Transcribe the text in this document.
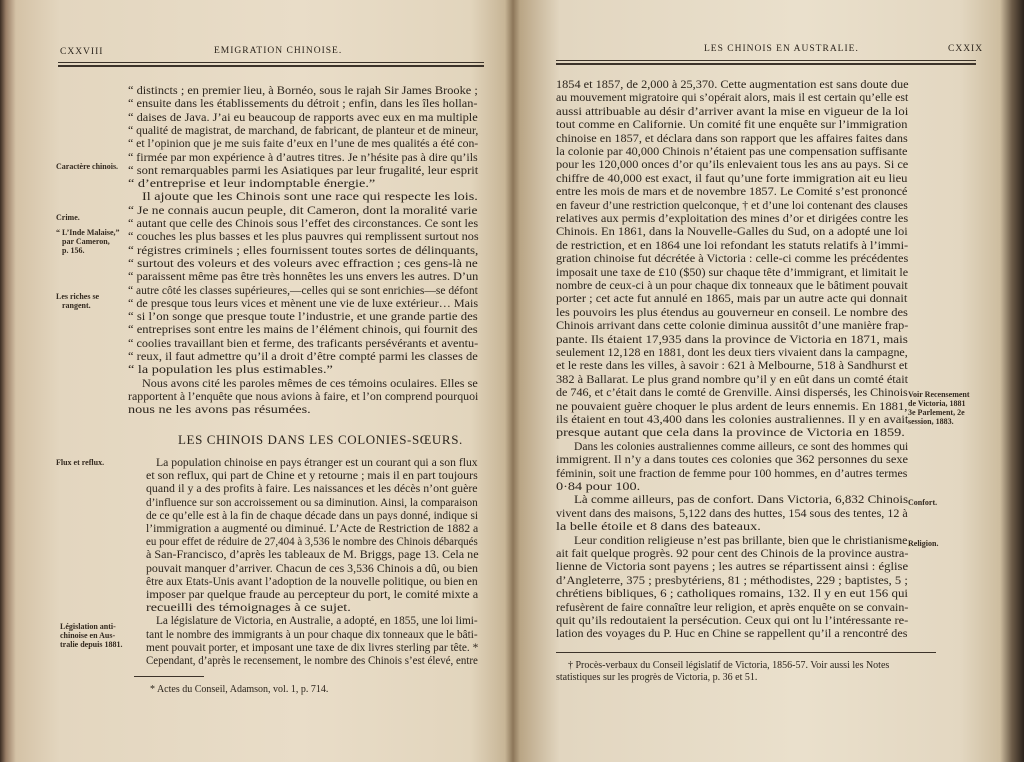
CXXVIII	EMIGRATION CHINOISE.
“ distincts ; en premier lieu, à Bornéo, sous le rajah Sir James Brooke ;
“ ensuite dans les établissements du détroit ; enfin, dans les îles hollan-
“ daises de Java. J’ai eu beaucoup de rapports avec eux en ma multiple
“ qualité de magistrat, de marchand, de fabricant, de planteur et de mineur,
“ et l’opinion que je me suis faite d’eux en l’une de mes qualités a été con-
“ firmée par mon expérience à d’autres titres. Je n’hésite pas à dire qu’ils
“ sont remarquables parmi les Asiatiques par leur frugalité, leur esprit
“ d’entreprise et leur indomptable énergie.”
Il ajoute que les Chinois sont une race qui respecte les lois.
“ Je ne connais aucun peuple, dit Cameron, dont la moralité varie
“ autant que celle des Chinois sous l’effet des circonstances. Ce sont les
“ couches les plus basses et les plus pauvres qui remplissent surtout nos
“ régistres criminels ; elles fournissent toutes sortes de délinquants,
“ surtout des voleurs et des voleurs avec effraction ; ces gens-là ne
“ paraissent même pas être très honnêtes les uns envers les autres. D’un
“ autre côté les classes supérieures,—celles qui se sont enrichies—se défont
“ de presque tous leurs vices et mènent une vie de luxe extérieur… Mais
“ si l’on songe que presque toute l’industrie, et une grande partie des
“ entreprises sont entre les mains de l’élément chinois, qui fournit des
“ coolies travaillant bien et ferme, des traficants persévérants et aventu-
“ reux, il faut admettre qu’il a droit d’être compté parmi les classes de
“ la population les plus estimables.”
Nous avons cité les paroles mêmes de ces témoins oculaires. Elles se
rapportent à l’enquête que nous avions à faire, et l’on comprend pourquoi
nous ne les avons pas résumées.
LES CHINOIS DANS LES COLONIES-SŒURS.
La population chinoise en pays étranger est un courant qui a son flux
et son reflux, qui part de Chine et y retourne ; mais il en part toujours
quand il y a des profits à faire. Les naissances et les décès n’ont guère
d’influence sur son accroissement ou sa diminution. Ainsi, la comparaison
de ce qu’elle est à la fin de chaque décade dans un pays donné, indique si
l’immigration a augmenté ou diminué. L’Acte de Restriction de 1882 a
eu pour effet de réduire de 27,404 à 3,536 le nombre des Chinois débarqués
à San-Francisco, d’après les tableaux de M. Briggs, page 13. Cela ne
pouvait manquer d’arriver. Chacun de ces 3,536 Chinois a dû, ou bien
être aux Etats-Unis avant l’adoption de la nouvelle politique, ou bien en
imposer par quelque fraude au percepteur du port, le comité mixte a
recueilli des témoignages à ce sujet.
La législature de Victoria, en Australie, a adopté, en 1855, une loi limi-
tant le nombre des immigrants à un pour chaque dix tonneaux que le bâti-
ment pouvait porter, et imposant une taxe de dix livres sterling par tête. *
Cependant, d’après le recensement, le nombre des Chinois s’est élevé, entre
* Actes du Conseil, Adamson, vol. 1, p. 714.
Caractère chinois.
Crime.
“ L’Inde Malaise,”
par Cameron,
p. 156.
Les riches se
rangent.
Flux et reflux.
Législation anti-
chinoise en Aus-
tralie depuis 1881.
LES CHINOIS EN AUSTRALIE.	CXXIX
1854 et 1857, de 2,000 à 25,370. Cette augmentation est sans doute due
au mouvement migratoire qui s’opérait alors, mais il est certain qu’elle est
aussi attribuable au désir d’arriver avant la mise en vigueur de la loi
tout comme en Californie. Un comité fit une enquête sur l’immigration
chinoise en 1857, et déclara dans son rapport que les affaires faites dans
la colonie par 40,000 Chinois n’étaient pas une compensation suffisante
pour les 120,000 onces d’or qu’ils enlevaient tous les ans au pays. Si ce
chiffre de 40,000 est exact, il faut qu’une forte immigration ait eu lieu
entre les mois de mars et de novembre 1857. Le Comité s’est prononcé
en faveur d’une restriction quelconque, † et d’une loi contenant des clauses
relatives aux permis d’exploitation des mines d’or et dirigées contre les
Chinois. En 1861, dans la Nouvelle-Galles du Sud, on a adopté une loi
de restriction, et en 1864 une loi refondant les statuts relatifs à l’immi-
gration chinoise fut décrétée à Victoria : celle-ci comme les précédentes
imposait une taxe de £10 ($50) sur chaque tête d’immigrant, et limitait le
nombre de ceux-ci à un pour chaque dix tonneaux que le bâtiment pouvait
porter ; cet acte fut annulé en 1865, mais par un autre acte qui donnait
les pouvoirs les plus étendus au gouverneur en conseil. Le nombre des
Chinois arrivant dans cette colonie diminua aussitôt d’une manière frap-
pante. Ils étaient 17,935 dans la province de Victoria en 1871, mais
seulement 12,128 en 1881, dont les deux tiers vivaient dans la campagne,
et le reste dans les villes, à savoir : 621 à Melbourne, 518 à Sandhurst et
382 à Ballarat. Le plus grand nombre qu’il y en eût dans un comté était
de 746, et c’était dans le comté de Grenville. Ainsi dispersés, les Chinois
ne pouvaient guère choquer le plus ardent de leurs ennemis. En 1881,
ils étaient en tout 43,400 dans les colonies australiennes. Il y en avait
presque autant que cela dans la province de Victoria en 1859.
Dans les colonies australiennes comme ailleurs, ce sont des hommes qui
immigrent. Il n’y a dans toutes ces colonies que 362 personnes du sexe
féminin, soit une fraction de femme pour 100 hommes, en d’autres termes
0·84 pour 100.
Là comme ailleurs, pas de confort. Dans Victoria, 6,832 Chinois
vivent dans des maisons, 5,122 dans des huttes, 154 sous des tentes, 12 à
la belle étoile et 8 dans des bateaux.
Leur condition religieuse n’est pas brillante, bien que le christianisme
ait fait quelque progrès. 92 pour cent des Chinois de la province austra-
lienne de Victoria sont payens ; les autres se répartissent ainsi : église
d’Angleterre, 375 ; presbytériens, 81 ; méthodistes, 229 ; baptistes, 5 ;
chrétiens bibliques, 6 ; catholiques romains, 132. Il y en eut 156 qui
refusèrent de faire connaître leur religion, et après enquête on se convain-
quit qu’ils redoutaient la persécution. Ceux qui ont lu l’intéressante re-
lation des voyages du P. Huc en Chine se rappellent qu’il a rencontré des
† Procès-verbaux du Conseil législatif de Victoria, 1856-57. Voir aussi les Notes
statistiques sur les progrès de Victoria, p. 36 et 51.
Voir Recensement
de Victoria, 1881
3e Parlement, 2e
session, 1883.
Confort.
Religion.
